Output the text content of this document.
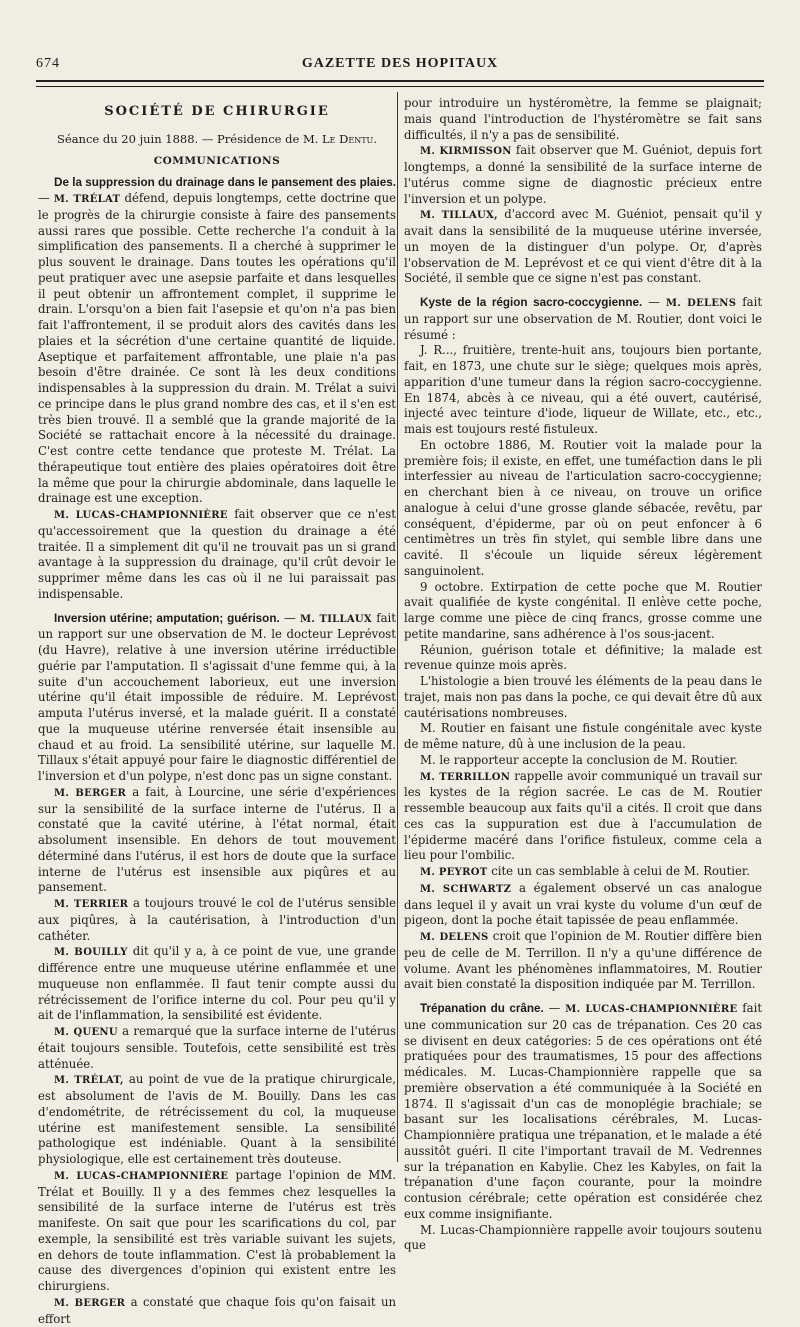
674	GAZETTE DES HOPITAUX
SOCIÉTÉ DE CHIRURGIE
Séance du 20 juin 1888. — Présidence de M. Le Dentu.
COMMUNICATIONS

De la suppression du drainage dans le pansement des plaies. — M. TRÉLAT défend, depuis longtemps, cette doctrine que le progrès de la chirurgie consiste à faire des pansements aussi rares que possible. Cette recherche l'a conduit à la simplification des pansements. Il a cherché à supprimer le plus souvent le drainage. Dans toutes les opérations qu'il peut pratiquer avec une asepsie parfaite et dans lesquelles il peut obtenir un affrontement complet, il supprime le drain. L'orsqu'on a bien fait l'asepsie et qu'on n'a pas bien fait l'affrontement, il se produit alors des cavités dans les plaies et la sécrétion d'une certaine quantité de liquide. Aseptique et parfaitement affrontable, une plaie n'a pas besoin d'être drainée. Ce sont là les deux conditions indispensables à la suppression du drain. M. Trélat a suivi ce principe dans le plus grand nombre des cas, et il s'en est très bien trouvé. Il a semblé que la grande majorité de la Société se rattachait encore à la nécessité du drainage. C'est contre cette tendance que proteste M. Trélat. La thérapeutique tout entière des plaies opératoires doit être la même que pour la chirurgie abdominale, dans laquelle le drainage est une exception.

M. LUCAS-CHAMPIONNIÈRE fait observer que ce n'est qu'accessoirement que la question du drainage a été traitée. Il a simplement dit qu'il ne trouvait pas un si grand avantage à la suppression du drainage, qu'il crût devoir le supprimer même dans les cas où il ne lui paraissait pas indispensable.

Inversion utérine; amputation; guérison. — M. TILLAUX fait un rapport sur une observation de M. le docteur Leprévost (du Havre), relative à une inversion utérine irréductible guérie par l'amputation. Il s'agissait d'une femme qui, à la suite d'un accouchement laborieux, eut une inversion utérine qu'il était impossible de réduire. M. Leprévost amputa l'utérus inversé, et la malade guérit. Il a constaté que la muqueuse utérine renversée était insensible au chaud et au froid. La sensibilité utérine, sur laquelle M. Tillaux s'était appuyé pour faire le diagnostic différentiel de l'inversion et d'un polype, n'est donc pas un signe constant.

M. BERGER a fait, à Lourcine, une série d'expériences sur la sensibilité de la surface interne de l'utérus. Il a constaté que la cavité utérine, à l'état normal, était absolument insensible. En dehors de tout mouvement déterminé dans l'utérus, il est hors de doute que la surface interne de l'utérus est insensible aux piqûres et au pansement.

M. TERRIER a toujours trouvé le col de l'utérus sensible aux piqûres, à la cautérisation, à l'introduction d'un cathéter.

M. BOUILLY dit qu'il y a, à ce point de vue, une grande différence entre une muqueuse utérine enflammée et une muqueuse non enflammée. Il faut tenir compte aussi du rétrécissement de l'orifice interne du col. Pour peu qu'il y ait de l'inflammation, la sensibilité est évidente.

M. QUENU a remarqué que la surface interne de l'utérus était toujours sensible. Toutefois, cette sensibilité est très atténuée.

M. TRÉLAT, au point de vue de la pratique chirurgicale, est absolument de l'avis de M. Bouilly. Dans les cas d'endométrite, de rétrécissement du col, la muqueuse utérine est manifestement sensible. La sensibilité pathologique est indéniable. Quant à la sensibilité physiologique, elle est certainement très douteuse.

M. LUCAS-CHAMPIONNIÈRE partage l'opinion de MM. Trélat et Bouilly. Il y a des femmes chez lesquelles la sensibilité de la surface interne de l'utérus est très manifeste. On sait que pour les scarifications du col, par exemple, la sensibilité est très variable suivant les sujets, en dehors de toute inflammation. C'est là probablement la cause des divergences d'opinion qui existent entre les chirurgiens.

M. BERGER a constaté que chaque fois qu'on faisait un effort

pour introduire un hystéromètre, la femme se plaignait; mais quand l'introduction de l'hystéromètre se fait sans difficultés, il n'y a pas de sensibilité.

M. KIRMISSON fait observer que M. Guéniot, depuis fort longtemps, a donné la sensibilité de la surface interne de l'utérus comme signe de diagnostic précieux entre l'inversion et un polype.

M. TILLAUX, d'accord avec M. Guéniot, pensait qu'il y avait dans la sensibilité de la muqueuse utérine inversée, un moyen de la distinguer d'un polype. Or, d'après l'observation de M. Leprévost et ce qui vient d'être dit à la Société, il semble que ce signe n'est pas constant.

Kyste de la région sacro-coccygienne. — M. DELENS fait un rapport sur une observation de M. Routier, dont voici le résumé :

J. R..., fruitière, trente-huit ans, toujours bien portante, fait, en 1873, une chute sur le siège; quelques mois après, apparition d'une tumeur dans la région sacro-coccygienne. En 1874, abcès à ce niveau, qui a été ouvert, cautérisé, injecté avec teinture d'iode, liqueur de Willate, etc., etc., mais est toujours resté fistuleux.

En octobre 1886, M. Routier voit la malade pour la première fois; il existe, en effet, une tuméfaction dans le pli interfessier au niveau de l'articulation sacro-coccygienne; en cherchant bien à ce niveau, on trouve un orifice analogue à celui d'une grosse glande sébacée, revêtu, par conséquent, d'épiderme, par où on peut enfoncer à 6 centimètres un très fin stylet, qui semble libre dans une cavité. Il s'écoule un liquide séreux légèrement sanguinolent.

9 octobre. Extirpation de cette poche que M. Routier avait qualifiée de kyste congénital. Il enlève cette poche, large comme une pièce de cinq francs, grosse comme une petite mandarine, sans adhérence à l'os sous-jacent.

Réunion, guérison totale et définitive; la malade est revenue quinze mois après.

L'histologie a bien trouvé les éléments de la peau dans le trajet, mais non pas dans la poche, ce qui devait être dû aux cautérisations nombreuses.

M. Routier en faisant une fistule congénitale avec kyste de même nature, dû à une inclusion de la peau.

M. le rapporteur accepte la conclusion de M. Routier.

M. TERRILLON rappelle avoir communiqué un travail sur les kystes de la région sacrée. Le cas de M. Routier ressemble beaucoup aux faits qu'il a cités. Il croit que dans ces cas la suppuration est due à l'accumulation de l'épiderme macéré dans l'orifice fistuleux, comme cela a lieu pour l'ombilic.

M. PEYROT cite un cas semblable à celui de M. Routier.

M. SCHWARTZ a également observé un cas analogue dans lequel il y avait un vrai kyste du volume d'un œuf de pigeon, dont la poche était tapissée de peau enflammée.

M. DELENS croit que l'opinion de M. Routier diffère bien peu de celle de M. Terrillon. Il n'y a qu'une différence de volume. Avant les phénomènes inflammatoires, M. Routier avait bien constaté la disposition indiquée par M. Terrillon.

Trépanation du crâne. — M. LUCAS-CHAMPIONNIÈRE fait une communication sur 20 cas de trépanation. Ces 20 cas se divisent en deux catégories: 5 de ces opérations ont été pratiquées pour des traumatismes, 15 pour des affections médicales. M. Lucas-Championnière rappelle que sa première observation a été communiquée à la Société en 1874. Il s'agissait d'un cas de monoplégie brachiale; se basant sur les localisations cérébrales, M. Lucas-Championnière pratiqua une trépanation, et le malade a été aussitôt guéri. Il cite l'important travail de M. Vedrennes sur la trépanation en Kabylie. Chez les Kabyles, on fait la trépanation d'une façon courante, pour la moindre contusion cérébrale; cette opération est considérée chez eux comme insignifiante.

M. Lucas-Championnière rappelle avoir toujours soutenu que
